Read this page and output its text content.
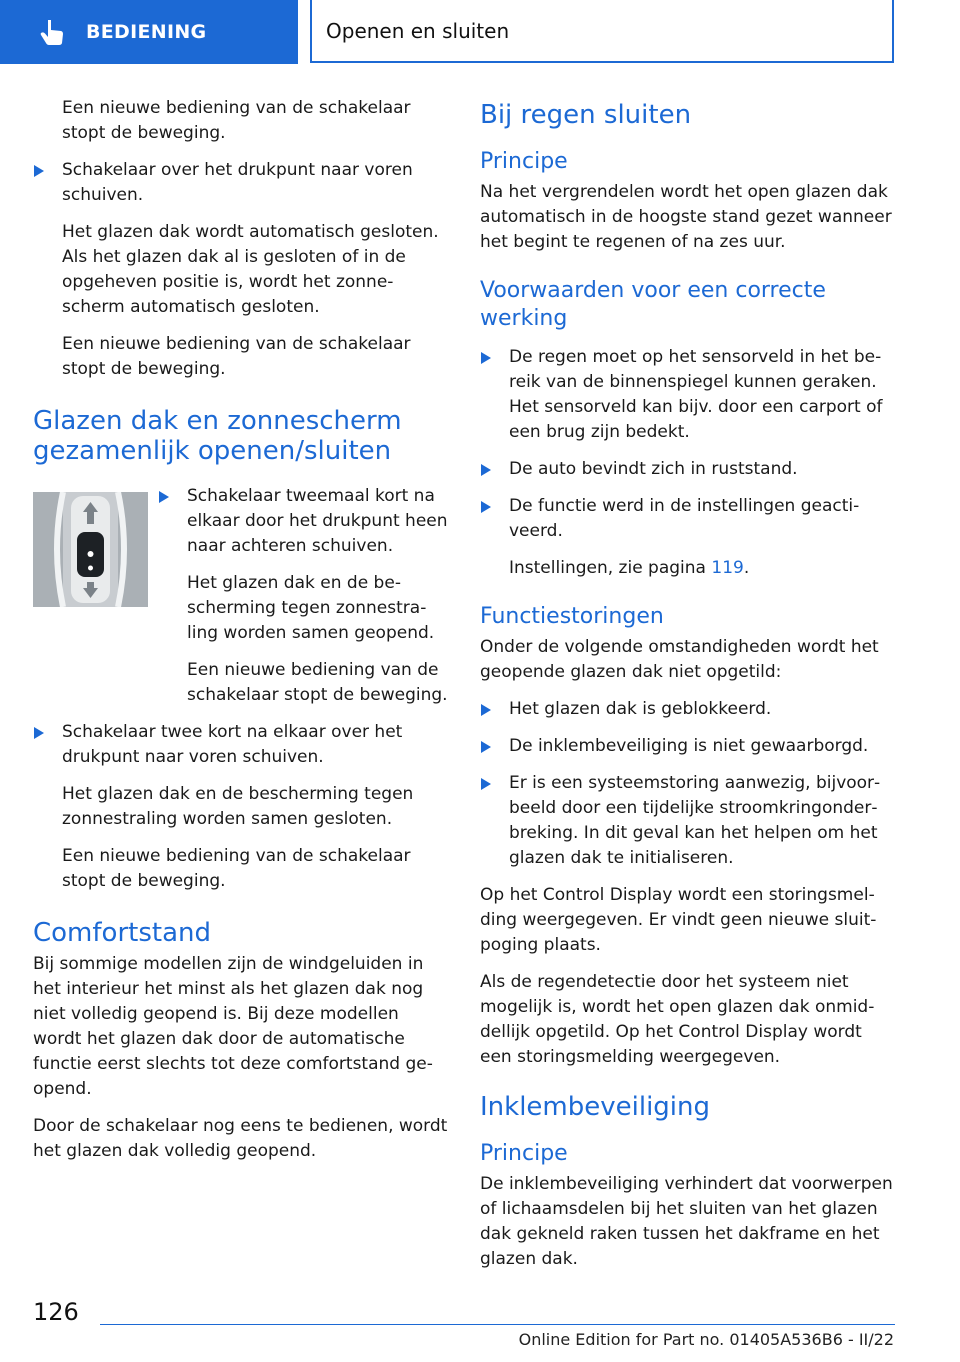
BEDIENING	Openen en sluiten

Een nieuwe bediening van de schakelaar stopt de beweging.

Schakelaar over het drukpunt naar voren schuiven.

Het glazen dak wordt automatisch gesloten. Als het glazen dak al is gesloten of in de opgeheven positie is, wordt het zonnescherm automatisch gesloten.

Een nieuwe bediening van de schakelaar stopt de beweging.

Glazen dak en zonnescherm gezamenlijk openen/sluiten

Schakelaar tweemaal kort na elkaar door het drukpunt heen naar achteren schuiven.

Het glazen dak en de bescherming tegen zonnestraling worden samen geopend.

Een nieuwe bediening van de schakelaar stopt de beweging.

Schakelaar twee kort na elkaar over het drukpunt naar voren schuiven.

Het glazen dak en de bescherming tegen zonnestraling worden samen gesloten.

Een nieuwe bediening van de schakelaar stopt de beweging.

Comfortstand

Bij sommige modellen zijn de windgeluiden in het interieur het minst als het glazen dak nog niet volledig geopend is. Bij deze modellen wordt het glazen dak door de automatische functie eerst slechts tot deze comfortstand geopend.

Door de schakelaar nog eens te bedienen, wordt het glazen dak volledig geopend.

Bij regen sluiten
Principe

Na het vergrendelen wordt het open glazen dak automatisch in de hoogste stand gezet wanneer het begint te regenen of na zes uur.

Voorwaarden voor een correcte werking

De regen moet op het sensorveld in het bereik van de binnenspiegel kunnen geraken. Het sensorveld kan bijv. door een carport of een brug zijn bedekt.

De auto bevindt zich in ruststand.

De functie werd in de instellingen geactiveerd.

Instellingen, zie pagina 119.

Functiestoringen

Onder de volgende omstandigheden wordt het geopende glazen dak niet opgetild:

Het glazen dak is geblokkeerd.

De inklembeveiliging is niet gewaarborgd.

Er is een systeemstoring aanwezig, bijvoorbeeld door een tijdelijke stroomkringonderbreking. In dit geval kan het helpen om het glazen dak te initialiseren.

Op het Control Display wordt een storingsmelding weergegeven. Er vindt geen nieuwe sluitpoging plaats.

Als de regendetectie door het systeem niet mogelijk is, wordt het open glazen dak onmiddellijk opgetild. Op het Control Display wordt een storingsmelding weergegeven.

Inklembeveiliging
Principe

De inklembeveiliging verhindert dat voorwerpen of lichaamsdelen bij het sluiten van het glazen dak gekneld raken tussen het dakframe en het glazen dak.

126
Online Edition for Part no. 01405A536B6 - II/22
